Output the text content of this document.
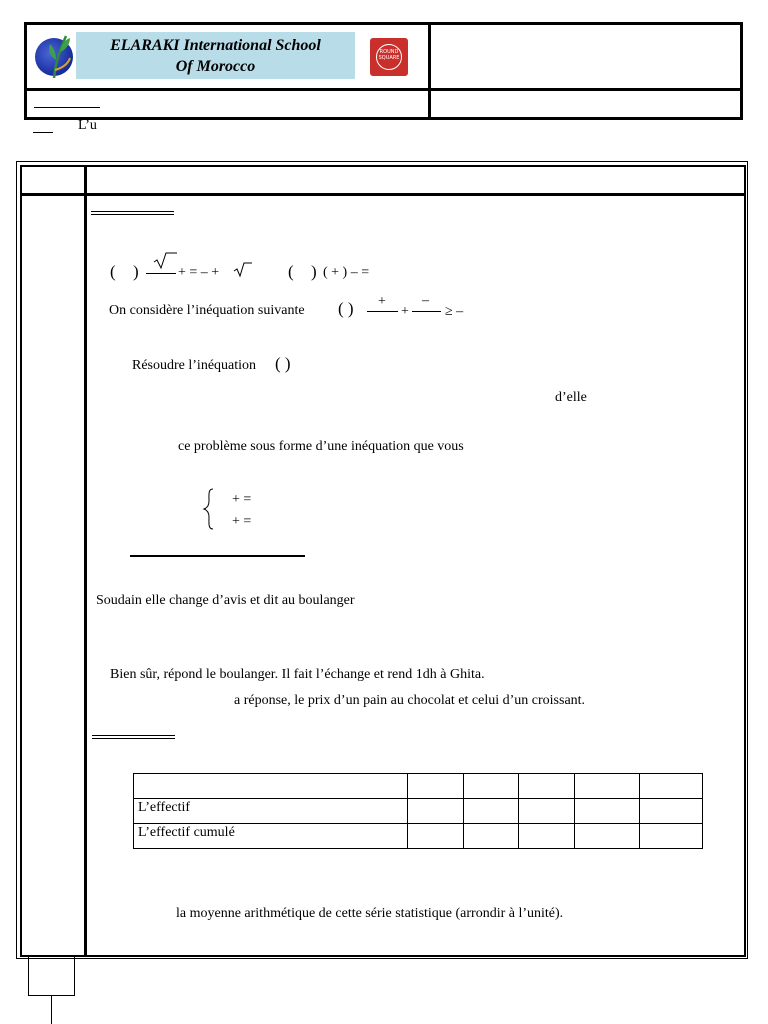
ELARAKI International School
Of Morocco
ROUND SQUARE
L’u
( )	+ = – +	( ) ( + ) – =
On considère l’inéquation suivante ( ) +
+
–
≥ –
Résoudre l’inéquation ( )
d’elle
ce problème sous forme d’une inéquation que vous
+ =
+ =
Soudain elle change d’avis et dit au boulanger
Bien sûr, répond le boulanger. Il fait l’échange et rend 1dh à Ghita.
a réponse, le prix d’un pain au chocolat et celui d’un croissant.

L’effectif					
L’effectif cumulé					
la moyenne arithmétique de cette série statistique (arrondir à l’unité).
